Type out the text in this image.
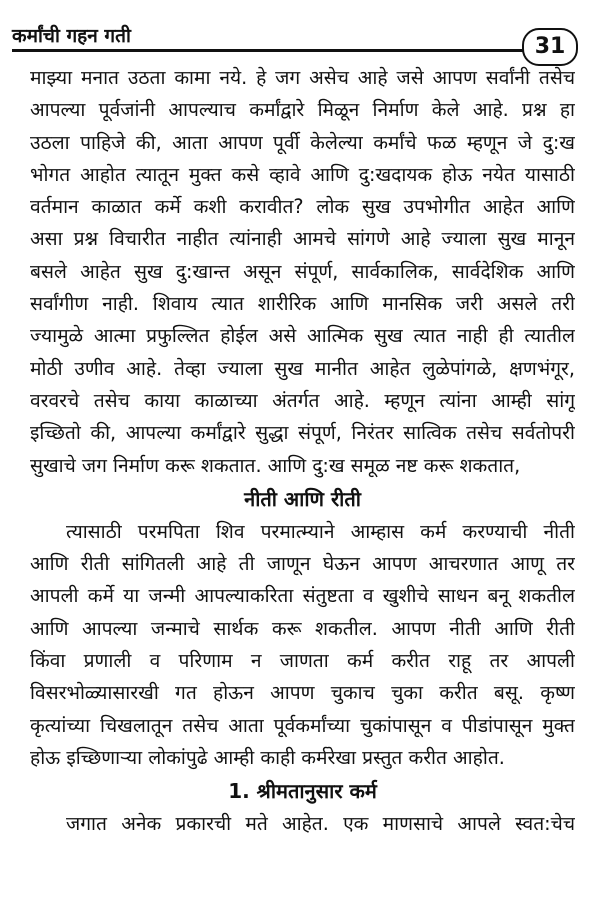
कर्मांची गहन गती	31

माझ्या मनात उठता कामा नये. हे जग असेच आहे जसे आपण सर्वांनी तसेच
आपल्या पूर्वजांनी आपल्याच कर्मांद्वारे मिळून निर्माण केले आहे. प्रश्न हा
उठला पाहिजे की, आता आपण पूर्वी केलेल्या कर्मांचे फळ म्हणून जे दु:ख
भोगत आहोत त्यातून मुक्त कसे व्हावे आणि दु:खदायक होऊ नयेत यासाठी
वर्तमान काळात कर्मे कशी करावीत? लोक सुख उपभोगीत आहेत आणि
असा प्रश्न विचारीत नाहीत त्यांनाही आमचे सांगणे आहे ज्याला सुख मानून
बसले आहेत सुख दु:खान्त असून संपूर्ण, सार्वकालिक, सार्वदेशिक आणि
सर्वांगीण नाही. शिवाय त्यात शारीरिक आणि मानसिक जरी असले तरी
ज्यामुळे आत्मा प्रफुल्लित होईल असे आत्मिक सुख त्यात नाही ही त्यातील
मोठी उणीव आहे. तेव्हा ज्याला सुख मानीत आहेत लुळेपांगळे, क्षणभंगूर,
वरवरचे तसेच काया काळाच्या अंतर्गत आहे. म्हणून त्यांना आम्ही सांगू
इच्छितो की, आपल्या कर्मांद्वारे सुद्धा संपूर्ण, निरंतर सात्विक तसेच सर्वतोपरी
सुखाचे जग निर्माण करू शकतात. आणि दु:ख समूळ नष्ट करू शकतात,

नीती आणि रीती

त्यासाठी परमपिता शिव परमात्म्याने आम्हास कर्म करण्याची नीती
आणि रीती सांगितली आहे ती जाणून घेऊन आपण आचरणात आणू तर
आपली कर्मे या जन्मी आपल्याकरिता संतुष्टता व खुशीचे साधन बनू शकतील
आणि आपल्या जन्माचे सार्थक करू शकतील. आपण नीती आणि रीती
किंवा प्रणाली व परिणाम न जाणता कर्म करीत राहू तर आपली
विसरभोळ्यासारखी गत होऊन आपण चुकाच चुका करीत बसू. कृष्ण
कृत्यांच्या चिखलातून तसेच आता पूर्वकर्मांच्या चुकांपासून व पीडांपासून मुक्त
होऊ इच्छिणाऱ्या लोकांपुढे आम्ही काही कर्मरेखा प्रस्तुत करीत आहोत.

1. श्रीमतानुसार कर्म

जगात अनेक प्रकारची मते आहेत. एक माणसाचे आपले स्वत:चेच
